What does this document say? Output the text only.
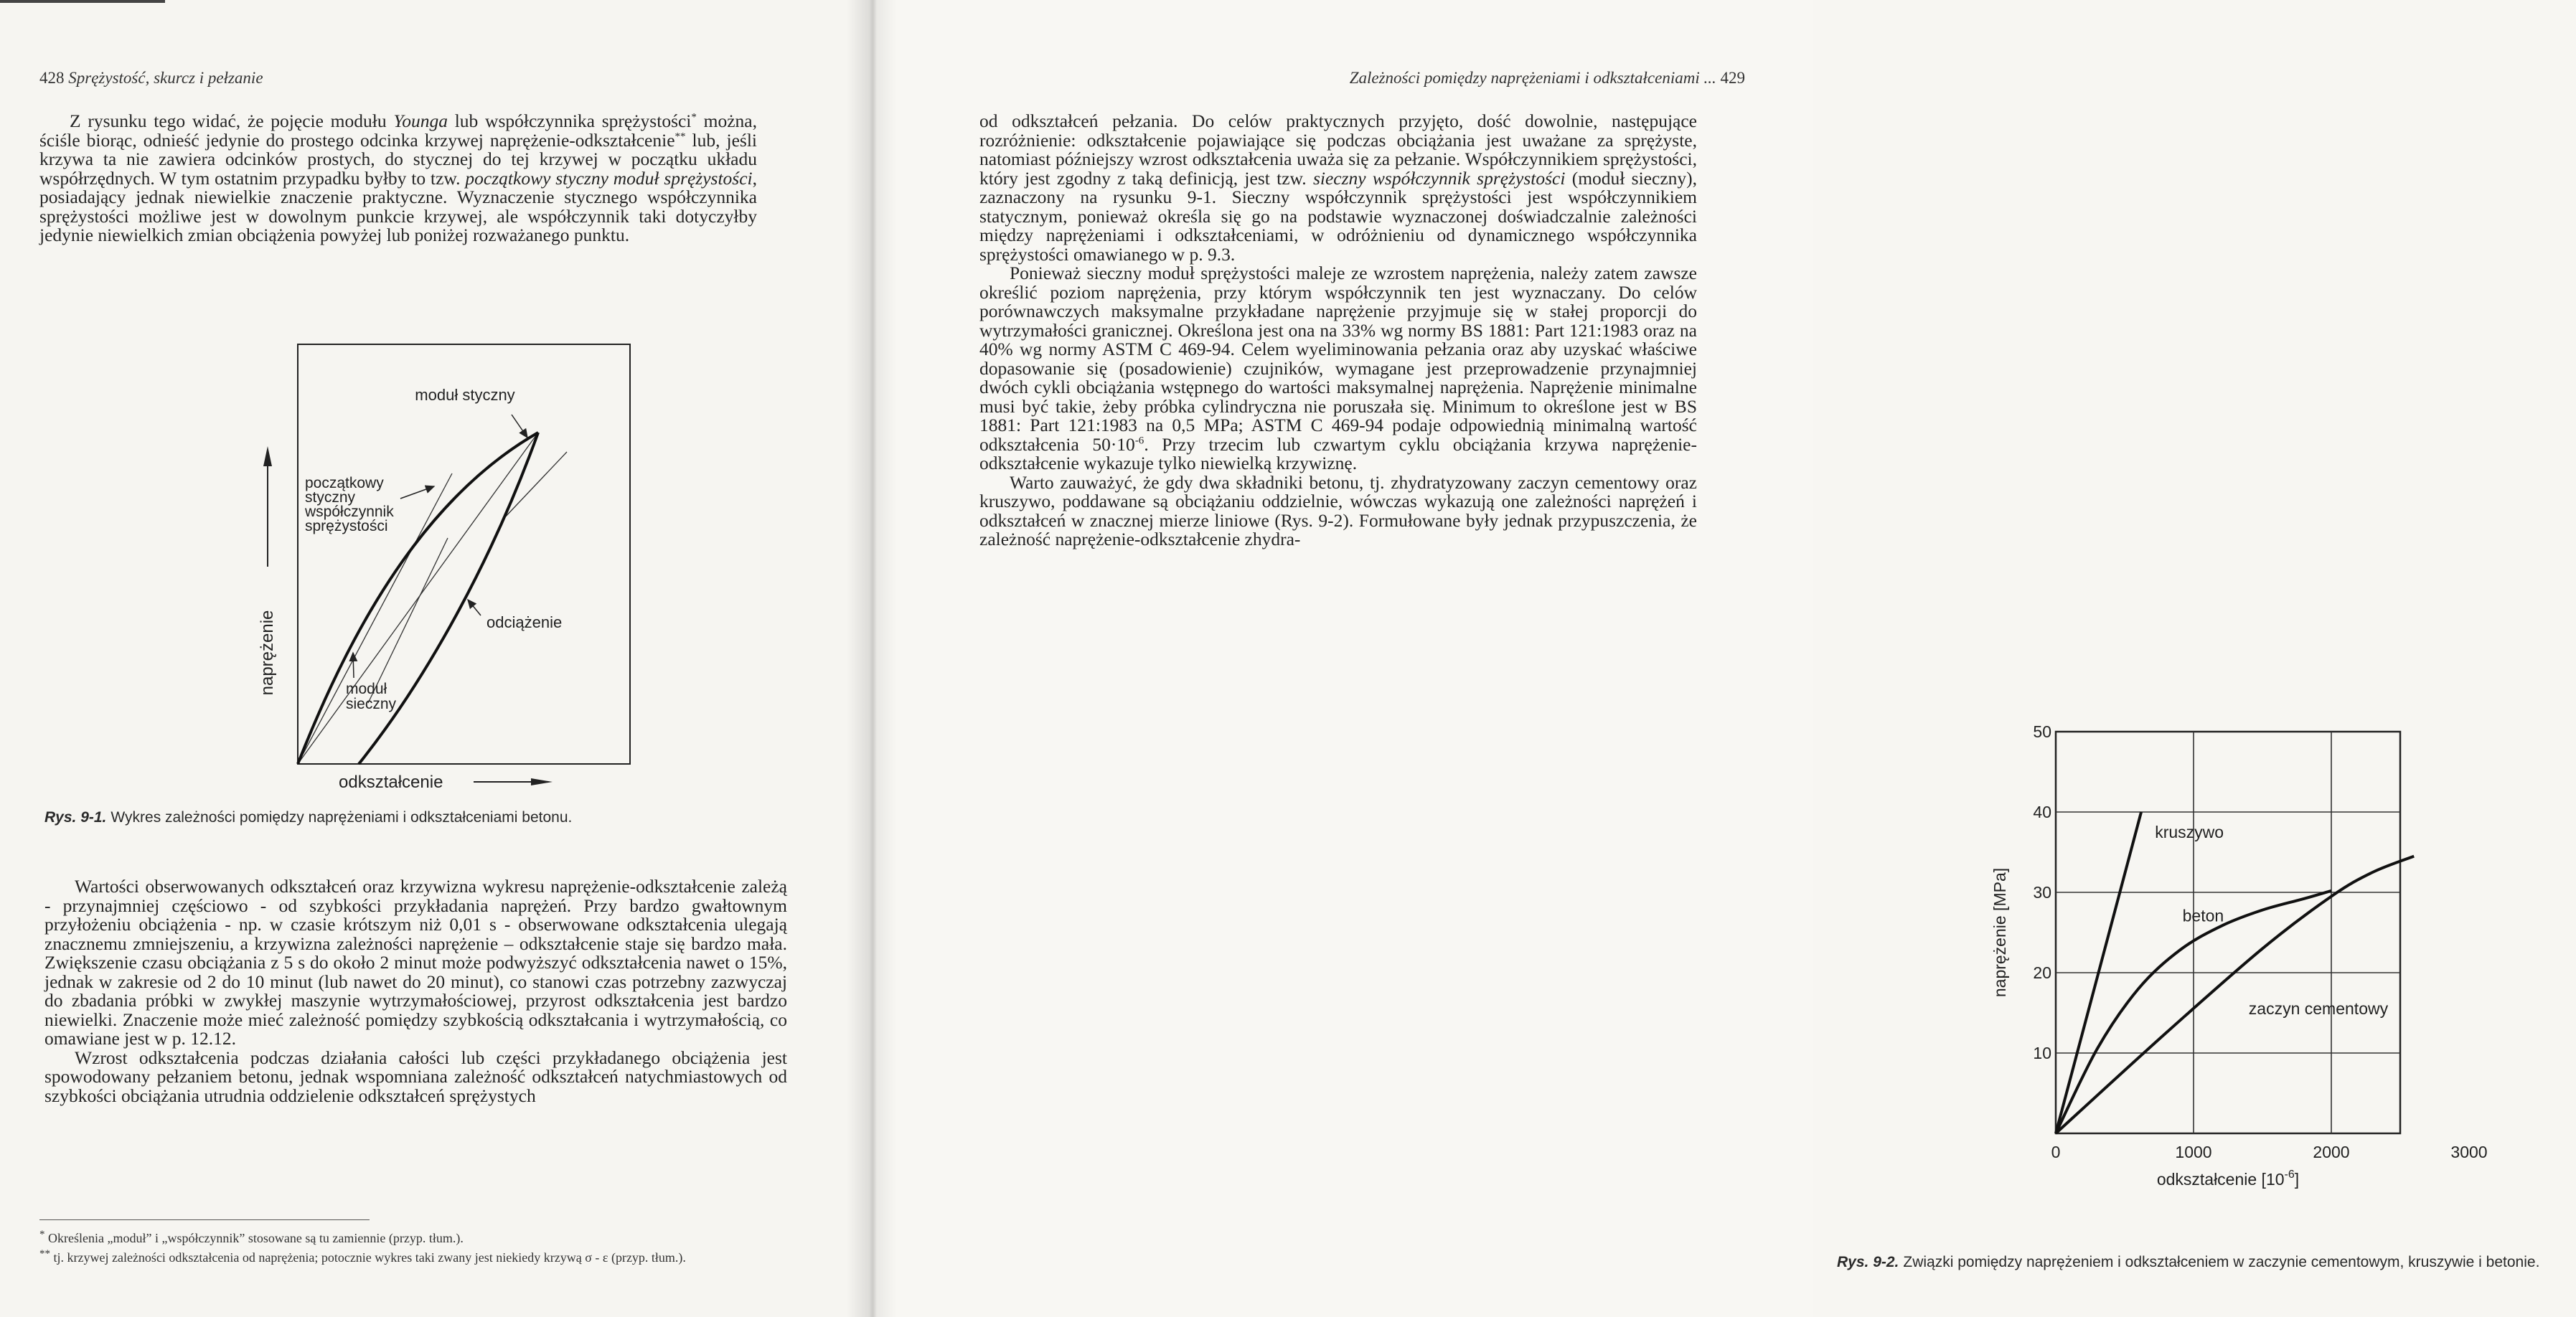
428 Sprężystość, skurcz i pełzanie

Z rysunku tego widać, że pojęcie modułu Younga lub współczynnika sprężystości* można, ściśle biorąc, odnieść jedynie do prostego odcinka krzywej naprężenie-odkształcenie** lub, jeśli krzywa ta nie zawiera odcinków prostych, do stycznej do tej krzywej w początku układu współrzędnych. W tym ostatnim przypadku byłby to tzw. początkowy styczny moduł sprężystości, posiadający jednak niewielkie znaczenie praktyczne. Wyznaczenie stycznego współczynnika sprężystości możliwe jest w dowolnym punkcie krzywej, ale współczynnik taki dotyczyłby jedynie niewielkich zmian obciążenia powyżej lub poniżej rozważanego punktu.

moduł styczny
początkowy
styczny
współczynnik
sprężystości
odciążenie
moduł
sieczny
naprężenie
odkształcenie
Rys. 9-1. Wykres zależności pomiędzy naprężeniami i odkształceniami betonu.

Wartości obserwowanych odkształceń oraz krzywizna wykresu naprężenie-odkształcenie zależą - przynajmniej częściowo - od szybkości przykładania naprężeń. Przy bardzo gwałtownym przyłożeniu obciążenia - np. w czasie krótszym niż 0,01 s - obserwowane odkształcenia ulegają znacznemu zmniejszeniu, a krzywizna zależności naprężenie – odkształcenie staje się bardzo mała. Zwiększenie czasu obciążania z 5 s do około 2 minut może podwyższyć odkształcenia nawet o 15%, jednak w zakresie od 2 do 10 minut (lub nawet do 20 minut), co stanowi czas potrzebny zazwyczaj do zbadania próbki w zwykłej maszynie wytrzymałościowej, przyrost odkształcenia jest bardzo niewielki. Znaczenie może mieć zależność pomiędzy szybkością odkształcania i wytrzymałością, co omawiane jest w p. 12.12.

Wzrost odkształcenia podczas działania całości lub części przykładanego obciążenia jest spowodowany pełzaniem betonu, jednak wspomniana zależność odkształceń natychmiastowych od szybkości obciążania utrudnia oddzielenie odkształceń sprężystych

* Określenia „moduł” i „współczynnik” stosowane są tu zamiennie (przyp. tłum.).
** tj. krzywej zależności odkształcenia od naprężenia; potocznie wykres taki zwany jest niekiedy krzywą σ - ε (przyp. tłum.).
Zależności pomiędzy naprężeniami i odkształceniami ... 429

od odkształceń pełzania. Do celów praktycznych przyjęto, dość dowolnie, następujące rozróżnienie: odkształcenie pojawiające się podczas obciążania jest uważane za sprężyste, natomiast późniejszy wzrost odkształcenia uważa się za pełzanie. Współczynnikiem sprężystości, który jest zgodny z taką definicją, jest tzw. sieczny współczynnik sprężystości (moduł sieczny), zaznaczony na rysunku 9-1. Sieczny współczynnik sprężystości jest współczynnikiem statycznym, ponieważ określa się go na podstawie wyznaczonej doświadczalnie zależności między naprężeniami i odkształceniami, w odróżnieniu od dynamicznego współczynnika sprężystości omawianego w p. 9.3.

Ponieważ sieczny moduł sprężystości maleje ze wzrostem naprężenia, należy zatem zawsze określić poziom naprężenia, przy którym współczynnik ten jest wyznaczany. Do celów porównawczych maksymalne przykładane naprężenie przyjmuje się w stałej proporcji do wytrzymałości granicznej. Określona jest ona na 33% wg normy BS 1881: Part 121:1983 oraz na 40% wg normy ASTM C 469-94. Celem wyeliminowania pełzania oraz aby uzyskać właściwe dopasowanie się (posadowienie) czujników, wymagane jest przeprowadzenie przynajmniej dwóch cykli obciążania wstępnego do wartości maksymalnej naprężenia. Naprężenie minimalne musi być takie, żeby próbka cylindryczna nie poruszała się. Minimum to określone jest w BS 1881: Part 121:1983 na 0,5 MPa; ASTM C 469-94 podaje odpowiednią minimalną wartość odkształcenia $50\cdot 10^{-6}$. Przy trzecim lub czwartym cyklu obciążania krzywa naprężenie-odkształcenie wykazuje tylko niewielką krzywiznę.

Warto zauważyć, że gdy dwa składniki betonu, tj. zhydratyzowany zaczyn cementowy oraz kruszywo, poddawane są obciążaniu oddzielnie, wówczas wykazują one zależności naprężeń i odkształceń w znacznej mierze liniowe (Rys. 9-2). Formułowane były jednak przypuszczenia, że zależność naprężenie-odkształcenie zhydra-

10
20
30
40
50
0	1000	2000	3000
kruszywo
beton
zaczyn cementowy
naprężenie [MPa]
odkształcenie $[10^{-6}]$
Rys. 9-2. Związki pomiędzy naprężeniem i odkształceniem w zaczynie cementowym, kruszywie i betonie.
